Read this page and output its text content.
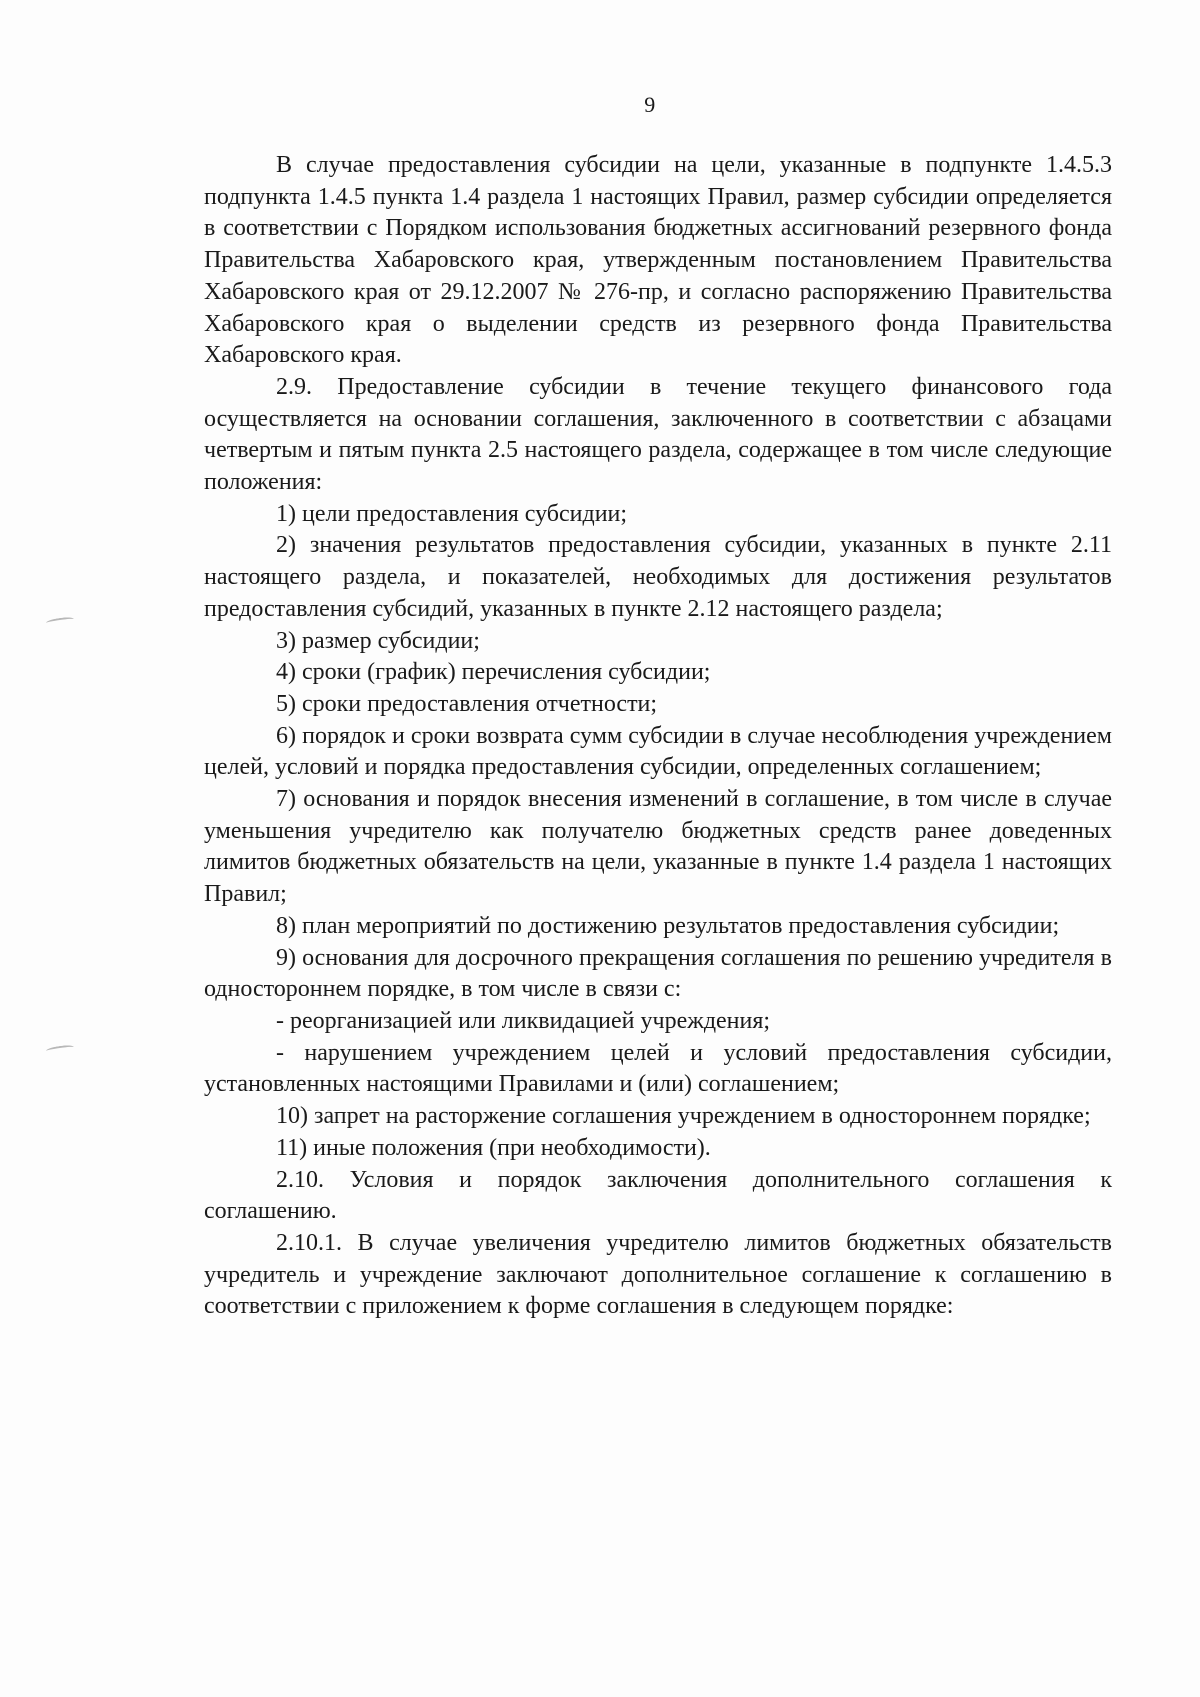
9

В случае предоставления субсидии на цели, указанные в подпункте 1.4.5.3 подпункта 1.4.5 пункта 1.4 раздела 1 настоящих Правил, размер субсидии определяется в соответствии с Порядком использования бюджетных ассигнований резервного фонда Правительства Хабаровского края, утвержденным постановлением Правительства Хабаровского края от 29.12.2007 № 276-пр, и согласно распоряжению Правительства Хабаровского края о выделении средств из резервного фонда Правительства Хабаровского края.

2.9. Предоставление субсидии в течение текущего финансового года осуществляется на основании соглашения, заключенного в соответствии с абзацами четвертым и пятым пункта 2.5 настоящего раздела, содержащее в том числе следующие положения:

1) цели предоставления субсидии;

2) значения результатов предоставления субсидии, указанных в пункте 2.11 настоящего раздела, и показателей, необходимых для достижения результатов предоставления субсидий, указанных в пункте 2.12 настоящего раздела;

3) размер субсидии;

4) сроки (график) перечисления субсидии;

5) сроки предоставления отчетности;

6) порядок и сроки возврата сумм субсидии в случае несоблюдения учреждением целей, условий и порядка предоставления субсидии, определенных соглашением;

7) основания и порядок внесения изменений в соглашение, в том числе в случае уменьшения учредителю как получателю бюджетных средств ранее доведенных лимитов бюджетных обязательств на цели, указанные в пункте 1.4 раздела 1 настоящих Правил;

8) план мероприятий по достижению результатов предоставления субсидии;

9) основания для досрочного прекращения соглашения по решению учредителя в одностороннем порядке, в том числе в связи с:

- реорганизацией или ликвидацией учреждения;

- нарушением учреждением целей и условий предоставления субсидии, установленных настоящими Правилами и (или) соглашением;

10) запрет на расторжение соглашения учреждением в одностороннем порядке;

11) иные положения (при необходимости).

2.10. Условия и порядок заключения дополнительного соглашения к соглашению.

2.10.1. В случае увеличения учредителю лимитов бюджетных обязательств учредитель и учреждение заключают дополнительное соглашение к соглашению в соответствии с приложением к форме соглашения в следующем порядке:
